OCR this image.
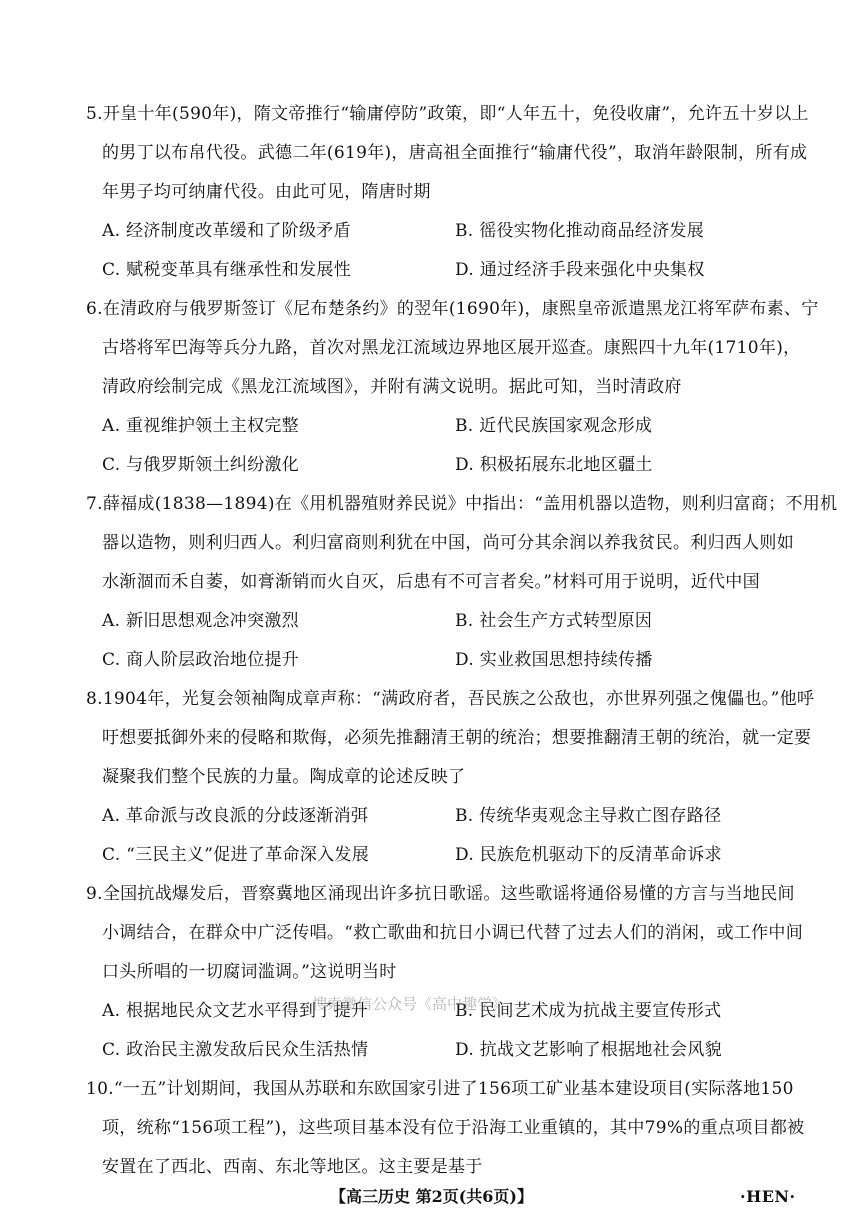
5.开皇十年(590年)，隋文帝推行“输庸停防”政策，即“人年五十，免役收庸”，允许五十岁以上
的男丁以布帛代役。武德二年(619年)，唐高祖全面推行“输庸代役”，取消年龄限制，所有成
年男子均可纳庸代役。由此可见，隋唐时期
A. 经济制度改革缓和了阶级矛盾	B. 徭役实物化推动商品经济发展
C. 赋税变革具有继承性和发展性	D. 通过经济手段来强化中央集权
6.在清政府与俄罗斯签订《尼布楚条约》的翌年(1690年)，康熙皇帝派遣黑龙江将军萨布素、宁
古塔将军巴海等兵分九路，首次对黑龙江流域边界地区展开巡查。康熙四十九年(1710年)，
清政府绘制完成《黑龙江流域图》，并附有满文说明。据此可知，当时清政府
A. 重视维护领土主权完整	B. 近代民族国家观念形成
C. 与俄罗斯领土纠纷激化	D. 积极拓展东北地区疆土
7.薛福成(1838—1894)在《用机器殖财养民说》中指出：“盖用机器以造物，则利归富商；不用机
器以造物，则利归西人。利归富商则利犹在中国，尚可分其余润以养我贫民。利归西人则如
水渐涸而禾自萎，如膏渐销而火自灭，后患有不可言者矣。”材料可用于说明，近代中国
A. 新旧思想观念冲突激烈	B. 社会生产方式转型原因
C. 商人阶层政治地位提升	D. 实业救国思想持续传播
8.1904年，光复会领袖陶成章声称：“满政府者，吾民族之公敌也，亦世界列强之傀儡也。”他呼
吁想要抵御外来的侵略和欺侮，必须先推翻清王朝的统治；想要推翻清王朝的统治，就一定要
凝聚我们整个民族的力量。陶成章的论述反映了
A. 革命派与改良派的分歧逐渐消弭	B. 传统华夷观念主导救亡图存路径
C. “三民主义”促进了革命深入发展	D. 民族危机驱动下的反清革命诉求
9.全国抗战爆发后，晋察冀地区涌现出许多抗日歌谣。这些歌谣将通俗易懂的方言与当地民间
小调结合，在群众中广泛传唱。“救亡歌曲和抗日小调已代替了过去人们的消闲，或工作中间
口头所唱的一切腐词滥调。”这说明当时
A. 根据地民众文艺水平得到了提升	B. 民间艺术成为抗战主要宣传形式
C. 政治民主激发敌后民众生活热情	D. 抗战文艺影响了根据地社会风貌
10.“一五”计划期间，我国从苏联和东欧国家引进了156项工矿业基本建设项目(实际落地150
项，统称“156项工程”)，这些项目基本没有位于沿海工业重镇的，其中79%的重点项目都被
安置在了西北、西南、东北等地区。这主要是基于
搜索微信公众号《高中趣学》
【高三历史 第2页(共6页)】	·HEN·
